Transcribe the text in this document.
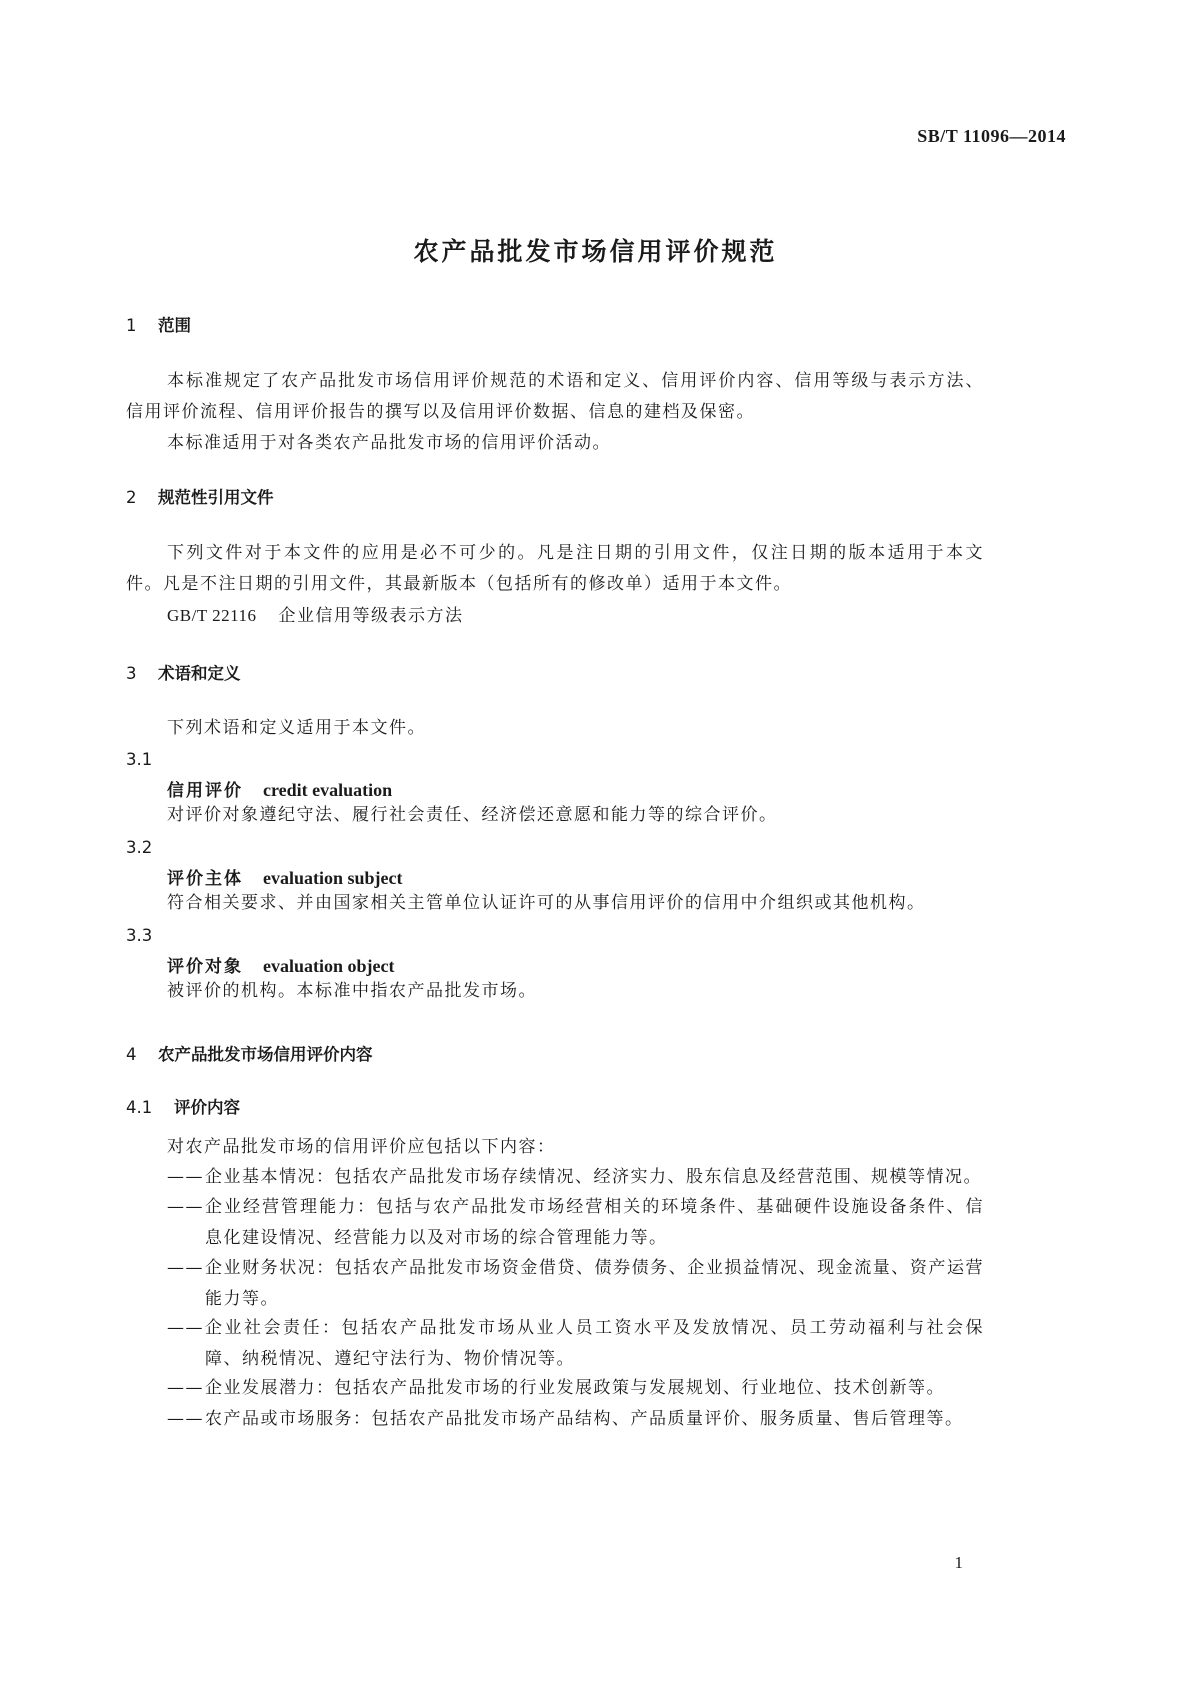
SB/T 11096—2014
农产品批发市场信用评价规范
1 范围
本标准规定了农产品批发市场信用评价规范的术语和定义、信用评价内容、信用等级与表示方法、
信用评价流程、信用评价报告的撰写以及信用评价数据、信息的建档及保密。
本标准适用于对各类农产品批发市场的信用评价活动。
2 规范性引用文件
下列文件对于本文件的应用是必不可少的。凡是注日期的引用文件，仅注日期的版本适用于本文
件。凡是不注日期的引用文件，其最新版本（包括所有的修改单）适用于本文件。
GB/T 22116 企业信用等级表示方法
3 术语和定义
下列术语和定义适用于本文件。
3.1
信用评价 credit evaluation
对评价对象遵纪守法、履行社会责任、经济偿还意愿和能力等的综合评价。
3.2
评价主体 evaluation subject
符合相关要求、并由国家相关主管单位认证许可的从事信用评价的信用中介组织或其他机构。
3.3
评价对象 evaluation object
被评价的机构。本标准中指农产品批发市场。
4 农产品批发市场信用评价内容
4.1 评价内容
对农产品批发市场的信用评价应包括以下内容：
——企业基本情况：包括农产品批发市场存续情况、经济实力、股东信息及经营范围、规模等情况。
—— 企业经营管理能力：包括与农产品批发市场经营相关的环境条件、基础硬件设施设备条件、信
息化建设情况、经营能力以及对市场的综合管理能力等。
—— 企业财务状况：包括农产品批发市场资金借贷、债券债务、企业损益情况、现金流量、资产运营
能力等。
—— 企业社会责任：包括农产品批发市场从业人员工资水平及发放情况、员工劳动福利与社会保
障、纳税情况、遵纪守法行为、物价情况等。
——企业发展潜力：包括农产品批发市场的行业发展政策与发展规划、行业地位、技术创新等。
——农产品或市场服务：包括农产品批发市场产品结构、产品质量评价、服务质量、售后管理等。
1
